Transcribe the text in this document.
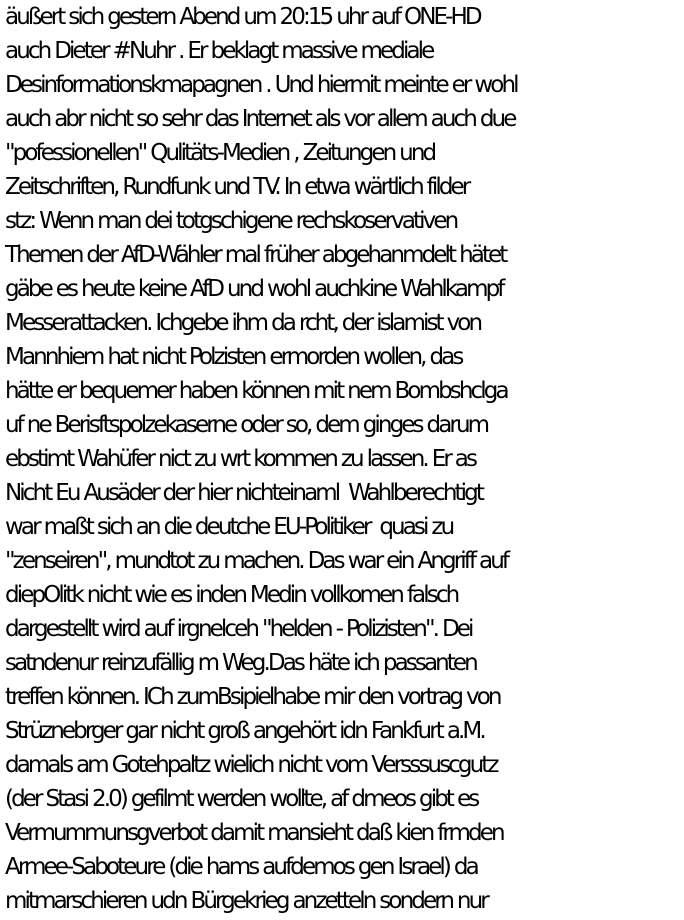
äußert sich gestern Abend um 20:15 uhr auf ONE-HD
auch Dieter #Nuhr . Er beklagt massive mediale
Desinformationskmapagnen . Und hiermit meinte er wohl
auch abr nicht so sehr das Internet als vor allem auch due
"pofessionellen" Qulitäts-Medien , Zeitungen und
Zeitschriften, Rundfunk und TV. In etwa wärtlich filder
stz: Wenn man dei totgschigene rechskoservativen
Themen der AfD-Wähler mal früher abgehanmdelt hätet
gäbe es heute keine AfD und wohl auchkine Wahlkampf
Messerattacken. Ichgebe ihm da rcht, der islamist von
Mannhiem hat nicht Polzisten ermorden wollen, das
hätte er bequemer haben können mit nem Bombshclga
uf ne Berisftspolzekaserne oder so, dem ginges darum
ebstimt Wahüfer nict zu wrt kommen zu lassen. Er as
Nicht Eu Ausäder der hier nichteinaml  Wahlberechtigt
war maßt sich an die deutche EU-Politiker  quasi zu
"zenseiren", mundtot zu machen. Das war ein Angriff auf
diepOlitk nicht wie es inden Medin vollkomen falsch
dargestellt wird auf irgnelceh "helden - Polizisten". Dei
satndenur reinzufällig m Weg.Das häte ich passanten
treffen können. ICh zumBsipielhabe mir den vortrag von
Strüznebrger gar nicht groß angehört idn Fankfurt a.M.
damals am Gotehpaltz wielich nicht vom Versssuscgutz
(der Stasi 2.0) gefilmt werden wollte, af dmeos gibt es
Vermummunsgverbot damit mansieht daß kien frmden
Armee-Saboteure (die hams aufdemos gen Israel) da
mitmarschieren udn Bürgekrieg anzetteln sondern nur
